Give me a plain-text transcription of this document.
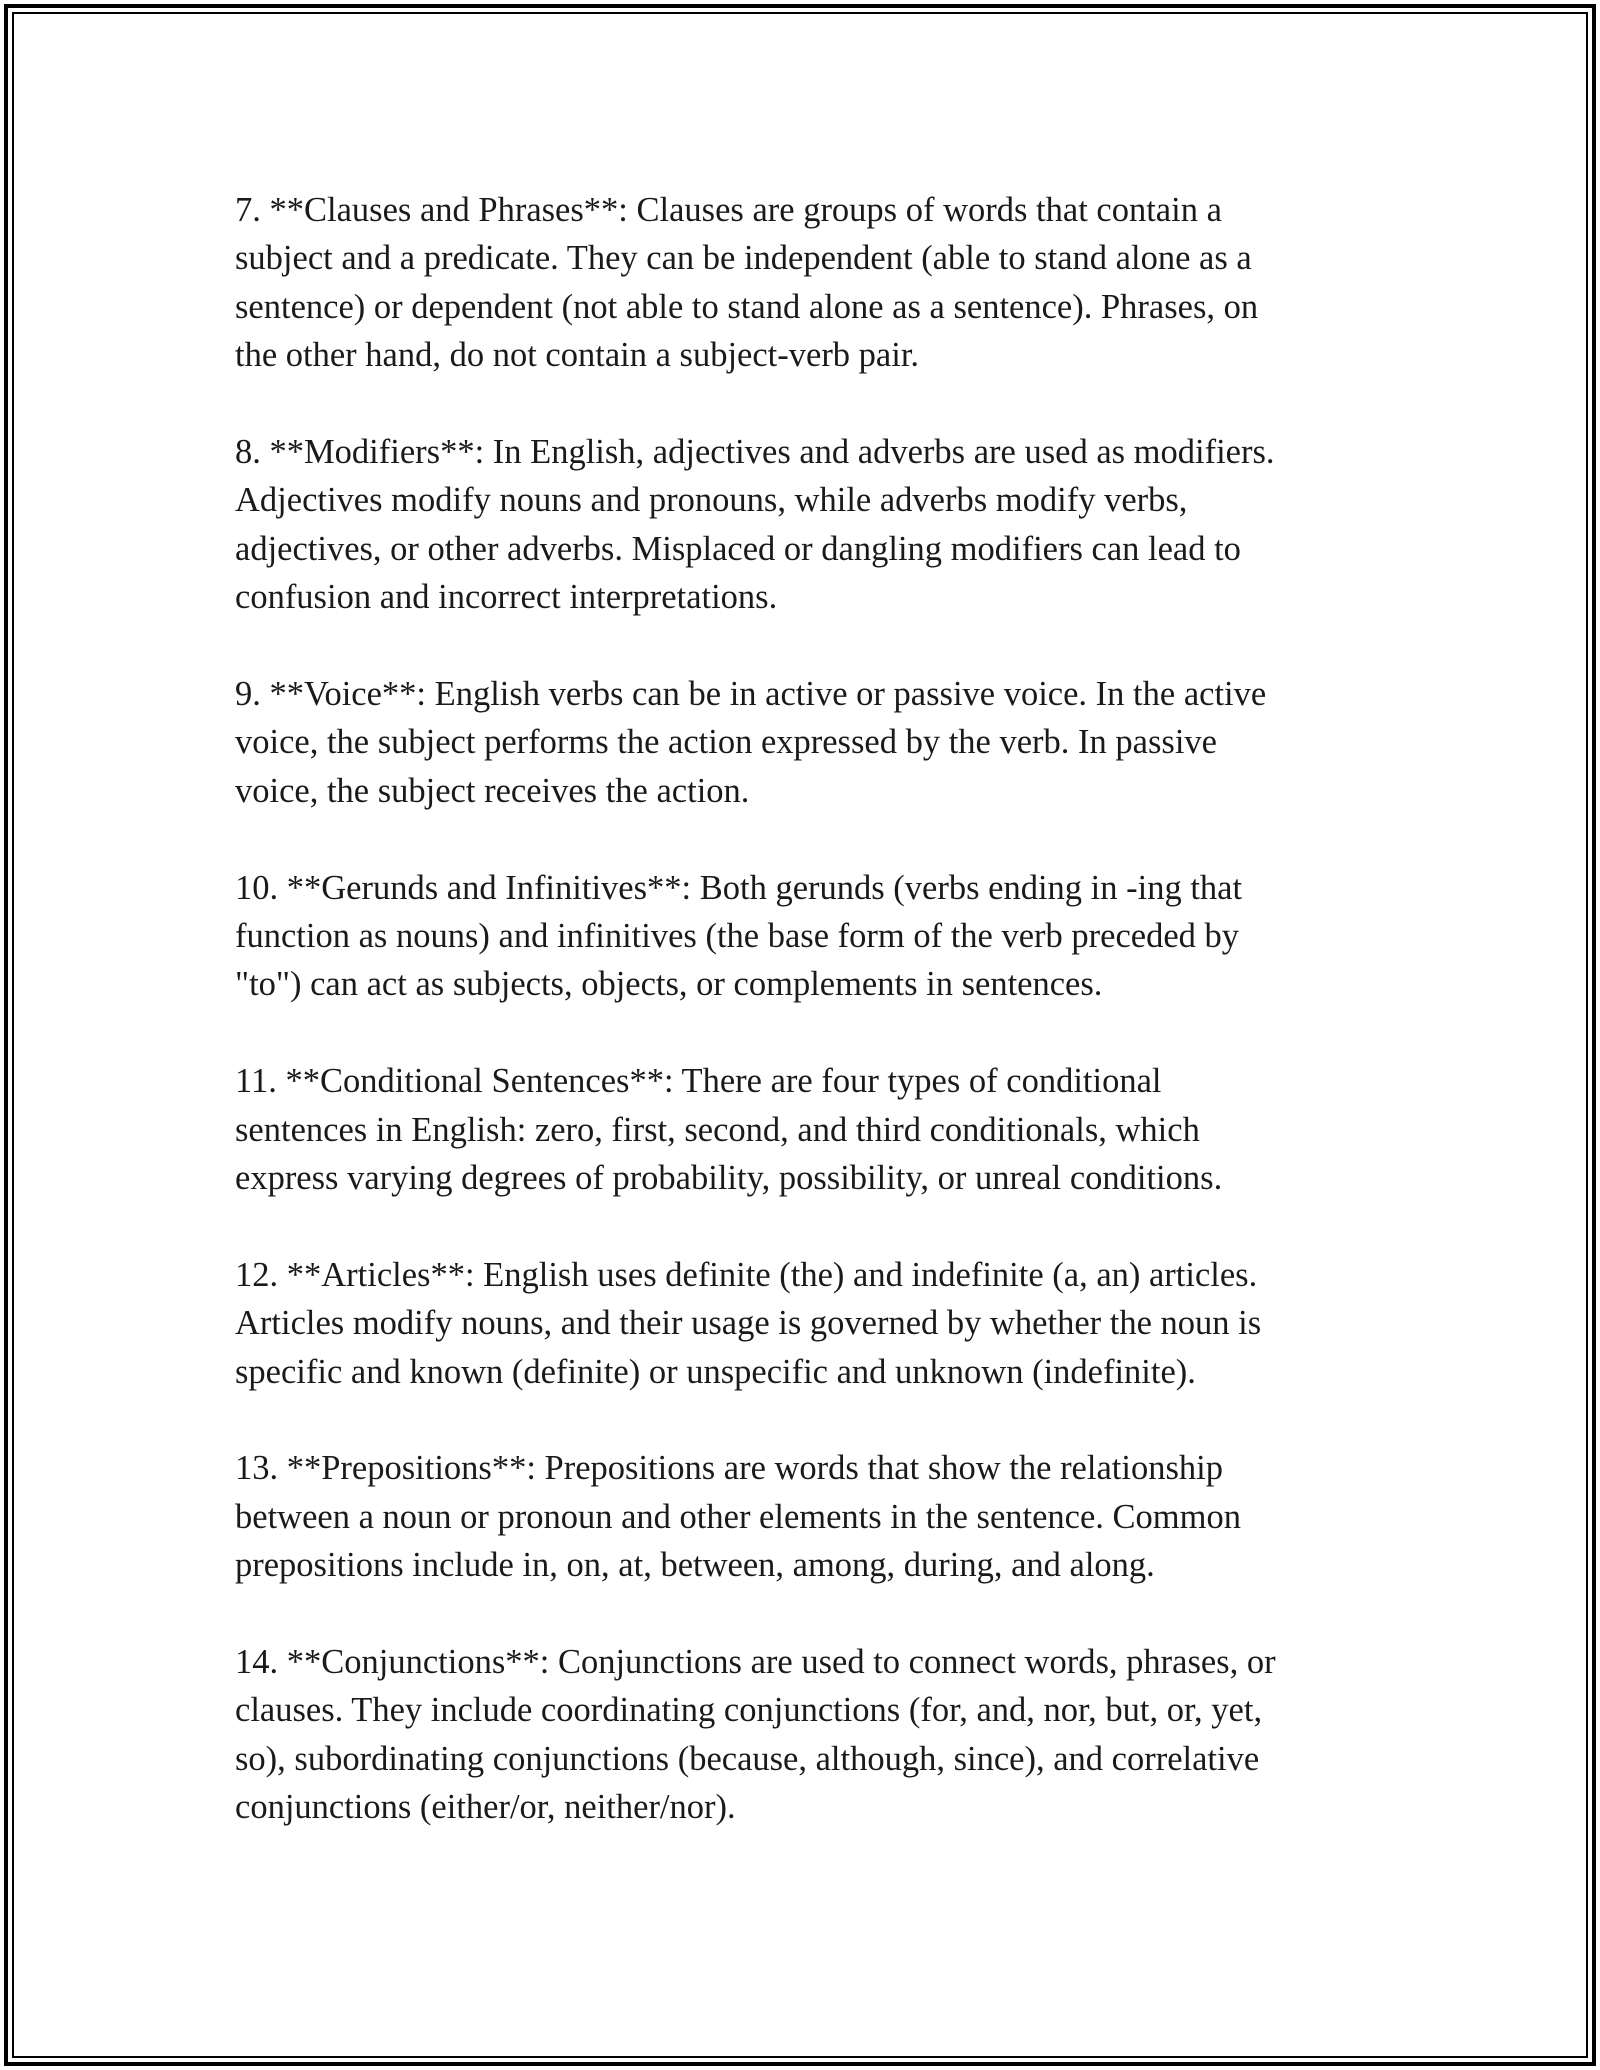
7. **Clauses and Phrases**: Clauses are groups of words that contain a
subject and a predicate. They can be independent (able to stand alone as a
sentence) or dependent (not able to stand alone as a sentence). Phrases, on
the other hand, do not contain a subject-verb pair.

8. **Modifiers**: In English, adjectives and adverbs are used as modifiers.
Adjectives modify nouns and pronouns, while adverbs modify verbs,
adjectives, or other adverbs. Misplaced or dangling modifiers can lead to
confusion and incorrect interpretations.

9. **Voice**: English verbs can be in active or passive voice. In the active
voice, the subject performs the action expressed by the verb. In passive
voice, the subject receives the action.

10. **Gerunds and Infinitives**: Both gerunds (verbs ending in -ing that
function as nouns) and infinitives (the base form of the verb preceded by
"to") can act as subjects, objects, or complements in sentences.

11. **Conditional Sentences**: There are four types of conditional
sentences in English: zero, first, second, and third conditionals, which
express varying degrees of probability, possibility, or unreal conditions.

12. **Articles**: English uses definite (the) and indefinite (a, an) articles.
Articles modify nouns, and their usage is governed by whether the noun is
specific and known (definite) or unspecific and unknown (indefinite).

13. **Prepositions**: Prepositions are words that show the relationship
between a noun or pronoun and other elements in the sentence. Common
prepositions include in, on, at, between, among, during, and along.

14. **Conjunctions**: Conjunctions are used to connect words, phrases, or
clauses. They include coordinating conjunctions (for, and, nor, but, or, yet,
so), subordinating conjunctions (because, although, since), and correlative
conjunctions (either/or, neither/nor).
